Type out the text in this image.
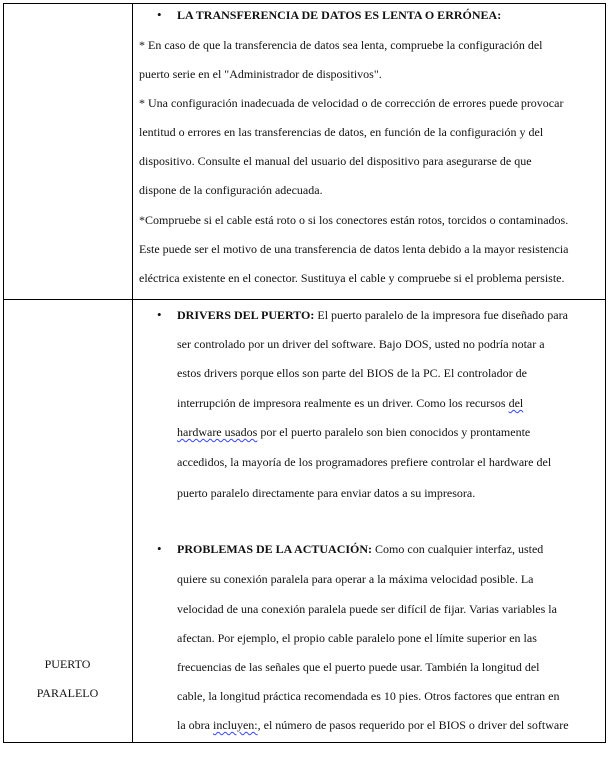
• LA TRANSFERENCIA DE DATOS ES LENTA O ERRÓNEA:
* En caso de que la transferencia de datos sea lenta, compruebe la configuración del
puerto serie en el "Administrador de dispositivos".
* Una configuración inadecuada de velocidad o de corrección de errores puede provocar
lentitud o errores en las transferencias de datos, en función de la configuración y del
dispositivo. Consulte el manual del usuario del dispositivo para asegurarse de que
dispone de la configuración adecuada.
*Compruebe si el cable está roto o si los conectores están rotos, torcidos o contaminados.
Este puede ser el motivo de una transferencia de datos lenta debido a la mayor resistencia
eléctrica existente en el conector. Sustituya el cable y compruebe si el problema persiste.
PUERTO
PARALELO
• DRIVERS DEL PUERTO: El puerto paralelo de la impresora fue diseñado para
ser controlado por un driver del software. Bajo DOS, usted no podría notar a
estos drivers porque ellos son parte del BIOS de la PC. El controlador de
interrupción de impresora realmente es un driver. Como los recursos del
hardware usados por el puerto paralelo son bien conocidos y prontamente
accedidos, la mayoría de los programadores prefiere controlar el hardware del
puerto paralelo directamente para enviar datos a su impresora.
• PROBLEMAS DE LA ACTUACIÓN: Como con cualquier interfaz, usted
quiere su conexión paralela para operar a la máxima velocidad posible. La
velocidad de una conexión paralela puede ser difícil de fijar. Varias variables la
afectan. Por ejemplo, el propio cable paralelo pone el límite superior en las
frecuencias de las señales que el puerto puede usar. También la longitud del
cable, la longitud práctica recomendada es 10 pies. Otros factores que entran en
la obra incluyen:, el número de pasos requerido por el BIOS o driver del software
